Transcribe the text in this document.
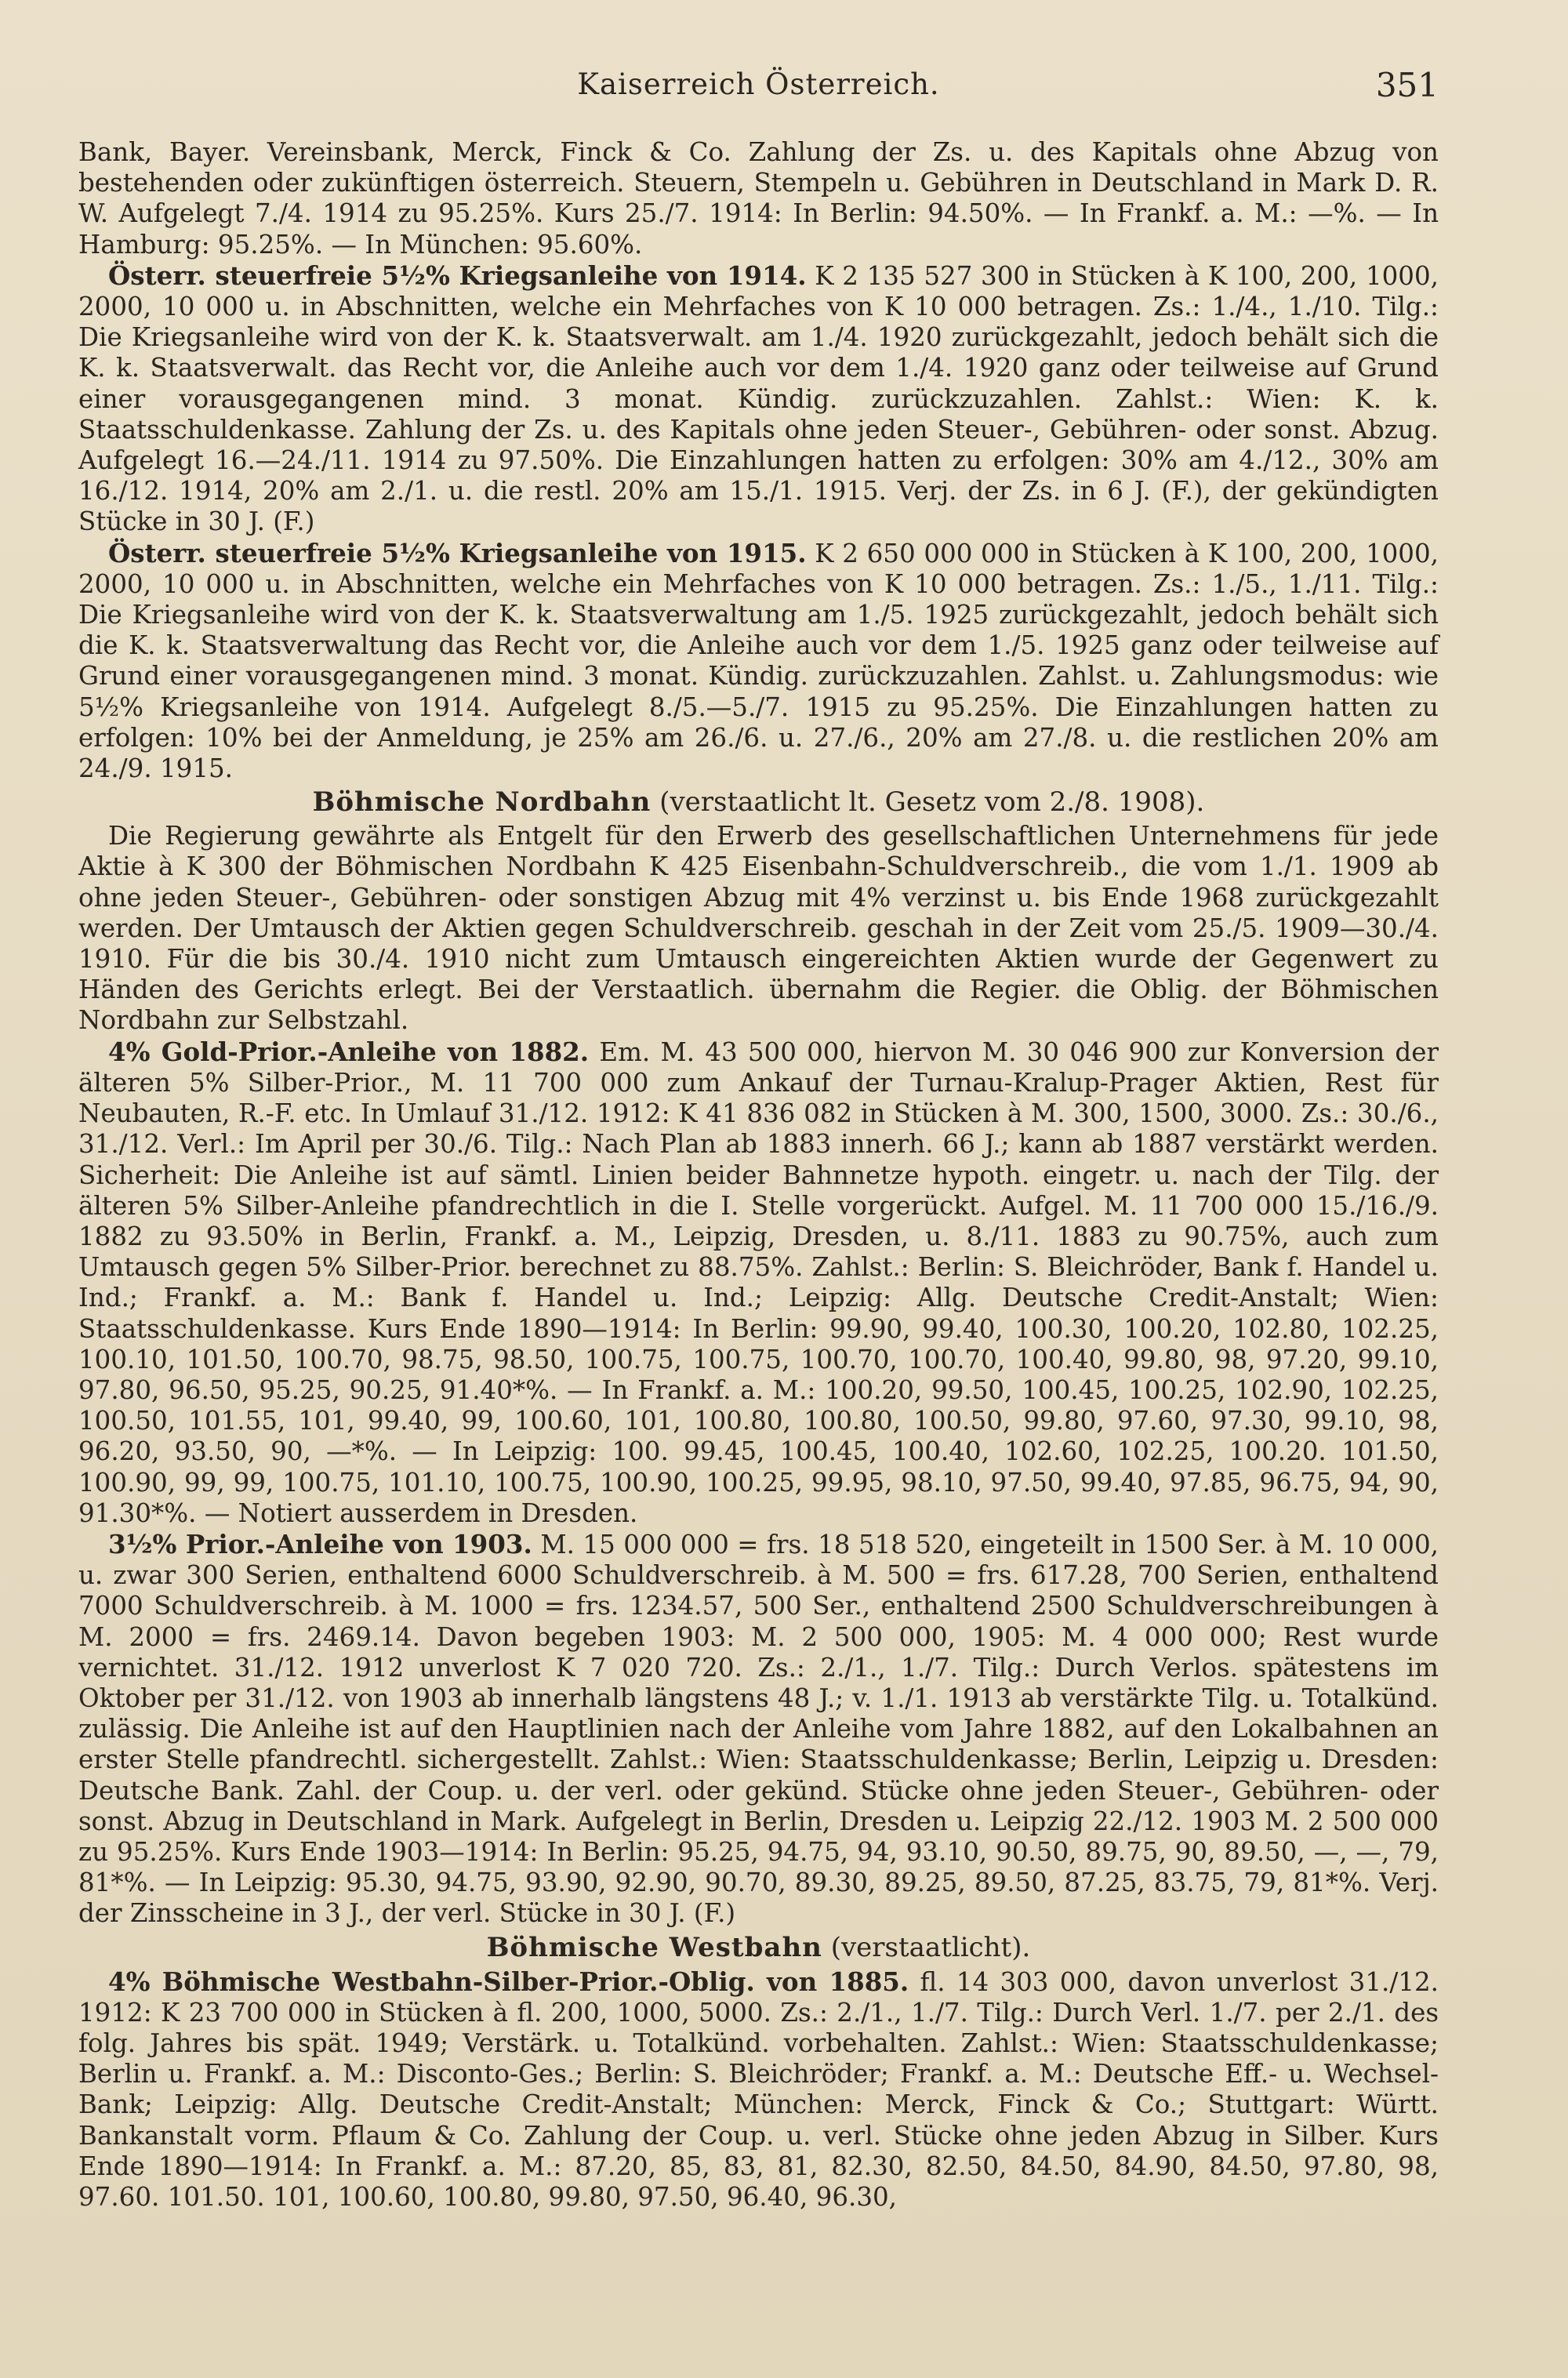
Kaiserreich Österreich.	351

Bank, Bayer. Vereinsbank, Merck, Finck & Co. Zahlung der Zs. u. des Kapitals ohne Abzug von bestehenden oder zukünftigen österreich. Steuern, Stempeln u. Gebühren in Deutschland in Mark D. R. W. Aufgelegt 7./4. 1914 zu 95.25%. Kurs 25./7. 1914: In Berlin: 94.50%. — In Frankf. a. M.: —%. — In Hamburg: 95.25%. — In München: 95.60%.

Österr. steuerfreie 5½% Kriegsanleihe von 1914. K 2 135 527 300 in Stücken à K 100, 200, 1000, 2000, 10 000 u. in Abschnitten, welche ein Mehrfaches von K 10 000 betragen. Zs.: 1./4., 1./10. Tilg.: Die Kriegsanleihe wird von der K. k. Staatsverwalt. am 1./4. 1920 zurückgezahlt, jedoch behält sich die K. k. Staatsverwalt. das Recht vor, die Anleihe auch vor dem 1./4. 1920 ganz oder teilweise auf Grund einer vorausgegangenen mind. 3 monat. Kündig. zurückzuzahlen. Zahlst.: Wien: K. k. Staatsschuldenkasse. Zahlung der Zs. u. des Kapitals ohne jeden Steuer-, Gebühren- oder sonst. Abzug. Aufgelegt 16.—24./11. 1914 zu 97.50%. Die Einzahlungen hatten zu erfolgen: 30% am 4./12., 30% am 16./12. 1914, 20% am 2./1. u. die restl. 20% am 15./1. 1915. Verj. der Zs. in 6 J. (F.), der gekündigten Stücke in 30 J. (F.)

Österr. steuerfreie 5½% Kriegsanleihe von 1915. K 2 650 000 000 in Stücken à K 100, 200, 1000, 2000, 10 000 u. in Abschnitten, welche ein Mehrfaches von K 10 000 betragen. Zs.: 1./5., 1./11. Tilg.: Die Kriegsanleihe wird von der K. k. Staatsverwaltung am 1./5. 1925 zurückgezahlt, jedoch behält sich die K. k. Staatsverwaltung das Recht vor, die Anleihe auch vor dem 1./5. 1925 ganz oder teilweise auf Grund einer vorausgegangenen mind. 3 monat. Kündig. zurückzuzahlen. Zahlst. u. Zahlungsmodus: wie 5½% Kriegsanleihe von 1914. Aufgelegt 8./5.—5./7. 1915 zu 95.25%. Die Einzahlungen hatten zu erfolgen: 10% bei der Anmeldung, je 25% am 26./6. u. 27./6., 20% am 27./8. u. die restlichen 20% am 24./9. 1915.

Böhmische Nordbahn (verstaatlicht lt. Gesetz vom 2./8. 1908).

Die Regierung gewährte als Entgelt für den Erwerb des gesellschaftlichen Unternehmens für jede Aktie à K 300 der Böhmischen Nordbahn K 425 Eisenbahn-Schuldverschreib., die vom 1./1. 1909 ab ohne jeden Steuer-, Gebühren- oder sonstigen Abzug mit 4% verzinst u. bis Ende 1968 zurückgezahlt werden. Der Umtausch der Aktien gegen Schuldverschreib. geschah in der Zeit vom 25./5. 1909—30./4. 1910. Für die bis 30./4. 1910 nicht zum Umtausch eingereichten Aktien wurde der Gegenwert zu Händen des Gerichts erlegt. Bei der Verstaatlich. übernahm die Regier. die Oblig. der Böhmischen Nordbahn zur Selbstzahl.

4% Gold-Prior.-Anleihe von 1882. Em. M. 43 500 000, hiervon M. 30 046 900 zur Konversion der älteren 5% Silber-Prior., M. 11 700 000 zum Ankauf der Turnau-Kralup-Prager Aktien, Rest für Neubauten, R.-F. etc. In Umlauf 31./12. 1912: K 41 836 082 in Stücken à M. 300, 1500, 3000. Zs.: 30./6., 31./12. Verl.: Im April per 30./6. Tilg.: Nach Plan ab 1883 innerh. 66 J.; kann ab 1887 verstärkt werden. Sicherheit: Die Anleihe ist auf sämtl. Linien beider Bahnnetze hypoth. eingetr. u. nach der Tilg. der älteren 5% Silber-Anleihe pfandrechtlich in die I. Stelle vorgerückt. Aufgel. M. 11 700 000 15./16./9. 1882 zu 93.50% in Berlin, Frankf. a. M., Leipzig, Dresden, u. 8./11. 1883 zu 90.75%, auch zum Umtausch gegen 5% Silber-Prior. berechnet zu 88.75%. Zahlst.: Berlin: S. Bleichröder, Bank f. Handel u. Ind.; Frankf. a. M.: Bank f. Handel u. Ind.; Leipzig: Allg. Deutsche Credit-Anstalt; Wien: Staatsschuldenkasse. Kurs Ende 1890—1914: In Berlin: 99.90, 99.40, 100.30, 100.20, 102.80, 102.25, 100.10, 101.50, 100.70, 98.75, 98.50, 100.75, 100.75, 100.70, 100.70, 100.40, 99.80, 98, 97.20, 99.10, 97.80, 96.50, 95.25, 90.25, 91.40*%. — In Frankf. a. M.: 100.20, 99.50, 100.45, 100.25, 102.90, 102.25, 100.50, 101.55, 101, 99.40, 99, 100.60, 101, 100.80, 100.80, 100.50, 99.80, 97.60, 97.30, 99.10, 98, 96.20, 93.50, 90, —*%. — In Leipzig: 100. 99.45, 100.45, 100.40, 102.60, 102.25, 100.20. 101.50, 100.90, 99, 99, 100.75, 101.10, 100.75, 100.90, 100.25, 99.95, 98.10, 97.50, 99.40, 97.85, 96.75, 94, 90, 91.30*%. — Notiert ausserdem in Dresden.

3½% Prior.-Anleihe von 1903. M. 15 000 000 = frs. 18 518 520, eingeteilt in 1500 Ser. à M. 10 000, u. zwar 300 Serien, enthaltend 6000 Schuldverschreib. à M. 500 = frs. 617.28, 700 Serien, enthaltend 7000 Schuldverschreib. à M. 1000 = frs. 1234.57, 500 Ser., enthaltend 2500 Schuldverschreibungen à M. 2000 = frs. 2469.14. Davon begeben 1903: M. 2 500 000, 1905: M. 4 000 000; Rest wurde vernichtet. 31./12. 1912 unverlost K 7 020 720. Zs.: 2./1., 1./7. Tilg.: Durch Verlos. spätestens im Oktober per 31./12. von 1903 ab innerhalb längstens 48 J.; v. 1./1. 1913 ab verstärkte Tilg. u. Totalkünd. zulässig. Die Anleihe ist auf den Hauptlinien nach der Anleihe vom Jahre 1882, auf den Lokalbahnen an erster Stelle pfandrechtl. sichergestellt. Zahlst.: Wien: Staatsschuldenkasse; Berlin, Leipzig u. Dresden: Deutsche Bank. Zahl. der Coup. u. der verl. oder gekünd. Stücke ohne jeden Steuer-, Gebühren- oder sonst. Abzug in Deutschland in Mark. Aufgelegt in Berlin, Dresden u. Leipzig 22./12. 1903 M. 2 500 000 zu 95.25%. Kurs Ende 1903—1914: In Berlin: 95.25, 94.75, 94, 93.10, 90.50, 89.75, 90, 89.50, —, —, 79, 81*%. — In Leipzig: 95.30, 94.75, 93.90, 92.90, 90.70, 89.30, 89.25, 89.50, 87.25, 83.75, 79, 81*%. Verj. der Zinsscheine in 3 J., der verl. Stücke in 30 J. (F.)

Böhmische Westbahn (verstaatlicht).

4% Böhmische Westbahn-Silber-Prior.-Oblig. von 1885. fl. 14 303 000, davon unverlost 31./12. 1912: K 23 700 000 in Stücken à fl. 200, 1000, 5000. Zs.: 2./1., 1./7. Tilg.: Durch Verl. 1./7. per 2./1. des folg. Jahres bis spät. 1949; Verstärk. u. Totalkünd. vorbehalten. Zahlst.: Wien: Staatsschuldenkasse; Berlin u. Frankf. a. M.: Disconto-Ges.; Berlin: S. Bleichröder; Frankf. a. M.: Deutsche Eff.- u. Wechsel-Bank; Leipzig: Allg. Deutsche Credit-Anstalt; München: Merck, Finck & Co.; Stuttgart: Württ. Bankanstalt vorm. Pflaum & Co. Zahlung der Coup. u. verl. Stücke ohne jeden Abzug in Silber. Kurs Ende 1890—1914: In Frankf. a. M.: 87.20, 85, 83, 81, 82.30, 82.50, 84.50, 84.90, 84.50, 97.80, 98, 97.60. 101.50. 101, 100.60, 100.80, 99.80, 97.50, 96.40, 96.30,
